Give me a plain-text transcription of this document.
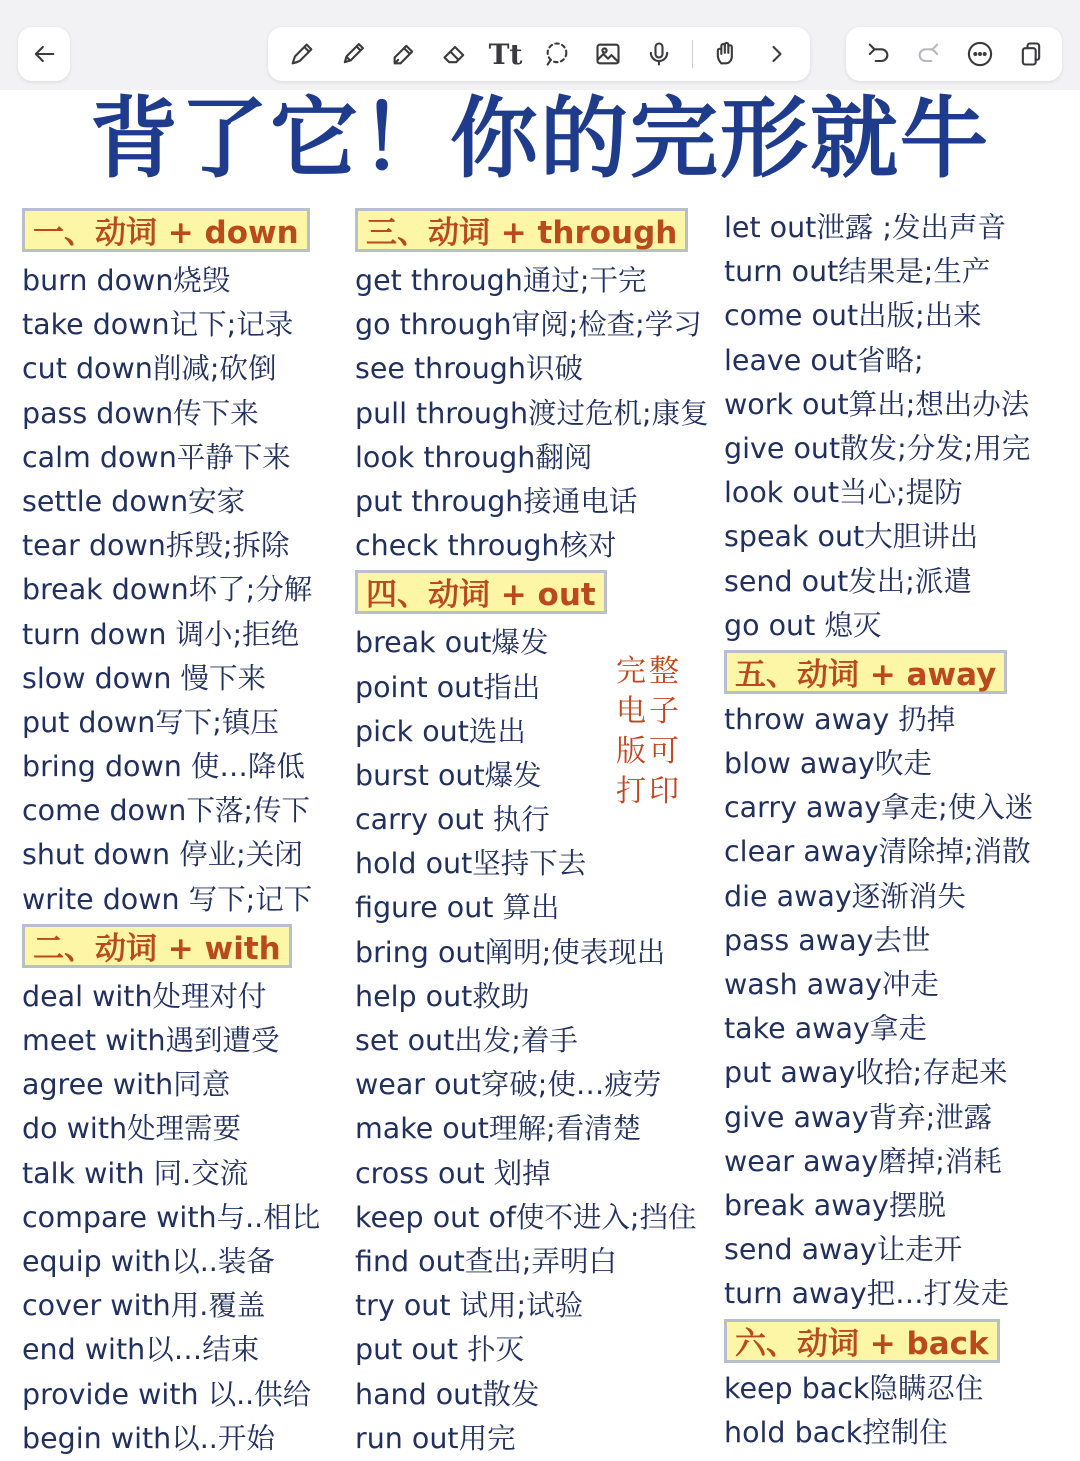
Tt
背了它！你的完形就牛
一、动词 + down
burn down烧毁
take down记下;记录
cut down削减;砍倒
pass down传下来
calm down平静下来
settle down安家
tear down拆毁;拆除
break down坏了;分解
turn down 调小;拒绝
slow down 慢下来
put down写下;镇压
bring down 使…降低
come down下落;传下
shut down 停业;关闭
write down 写下;记下
二、动词 + with
deal with处理对付
meet with遇到遭受
agree with同意
do with处理需要
talk with 同.交流
compare with与..相比
equip with以..装备
cover with用.覆盖
end with以…结束
provide with 以..供给
begin with以..开始
三、动词 + through
get through通过;干完
go through审阅;检查;学习
see through识破
pull through渡过危机;康复
look through翻阅
put through接通电话
check through核对
四、动词 + out
break out爆发
point out指出
pick out选出
burst out爆发
carry out 执行
hold out坚持下去
figure out 算出
bring out阐明;使表现出
help out救助
set out出发;着手
wear out穿破;使…疲劳
make out理解;看清楚
cross out 划掉
keep out of使不进入;挡住
find out查出;弄明白
try out 试用;试验
put out 扑灭
hand out散发
run out用完
let out泄露 ;发出声音
turn out结果是;生产
come out出版;出来
leave out省略;
work out算出;想出办法
give out散发;分发;用完
look out当心;提防
speak out大胆讲出
send out发出;派遣
go out 熄灭
五、动词 + away
throw away 扔掉
blow away吹走
carry away拿走;使入迷
clear away清除掉;消散
die away逐渐消失
pass away去世
wash away冲走
take away拿走
put away收拾;存起来
give away背弃;泄露
wear away磨掉;消耗
break away摆脱
send away让走开
turn away把…打发走
六、动词 + back
keep back隐瞒忍住
hold back控制住
完整
电子
版可
打印
